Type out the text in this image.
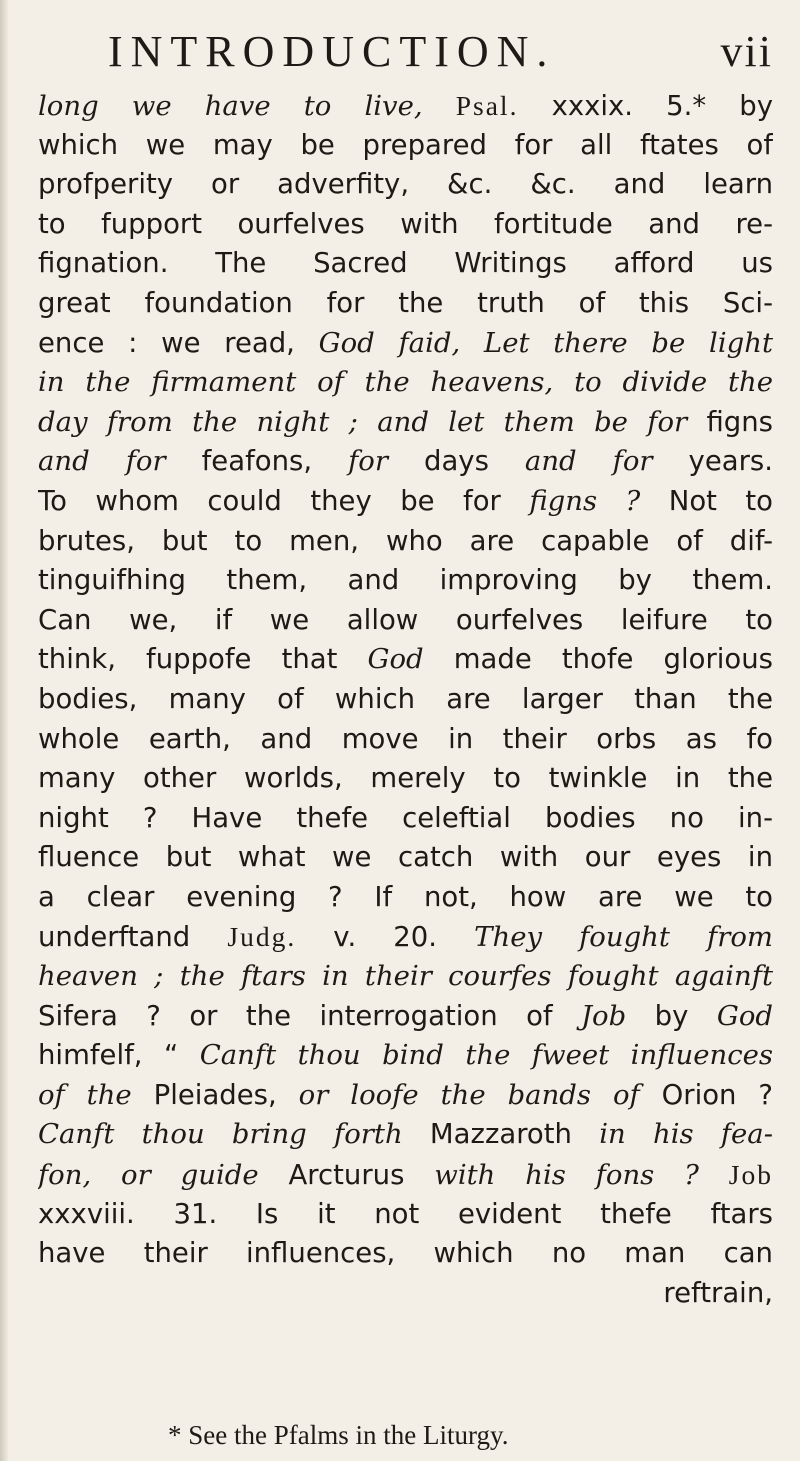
INTRODUCTION.	vii
long we have to live, Psal. xxxix. 5.* by
which we may be prepared for all ftates of
profperity or adverfity, &c. &c. and learn
to fupport ourfelves with fortitude and re-
fignation. The Sacred Writings afford us
great foundation for the truth of this Sci-
ence : we read, God faid, Let there be light
in the firmament of the heavens, to divide the
day from the night ; and let them be for figns
and for feafons, for days and for years.
To whom could they be for figns ? Not to
brutes, but to men, who are capable of dif-
tinguifhing them, and improving by them.
Can we, if we allow ourfelves leifure to
think, fuppofe that God made thofe glorious
bodies, many of which are larger than the
whole earth, and move in their orbs as fo
many other worlds, merely to twinkle in the
night ? Have thefe celeftial bodies no in-
fluence but what we catch with our eyes in
a clear evening ? If not, how are we to
underftand Judg. v. 20. They fought from
heaven ; the ftars in their courfes fought againft
Sifera ? or the interrogation of Job by God
himfelf, “ Canft thou bind the fweet influences
of the Pleiades, or loofe the bands of Orion ?
Canft thou bring forth Mazzaroth in his fea-
fon, or guide Arcturus with his fons ? Job
xxxviii. 31. Is it not evident thefe ftars
have their influences, which no man can
reftrain,
* See the Pfalms in the Liturgy.
